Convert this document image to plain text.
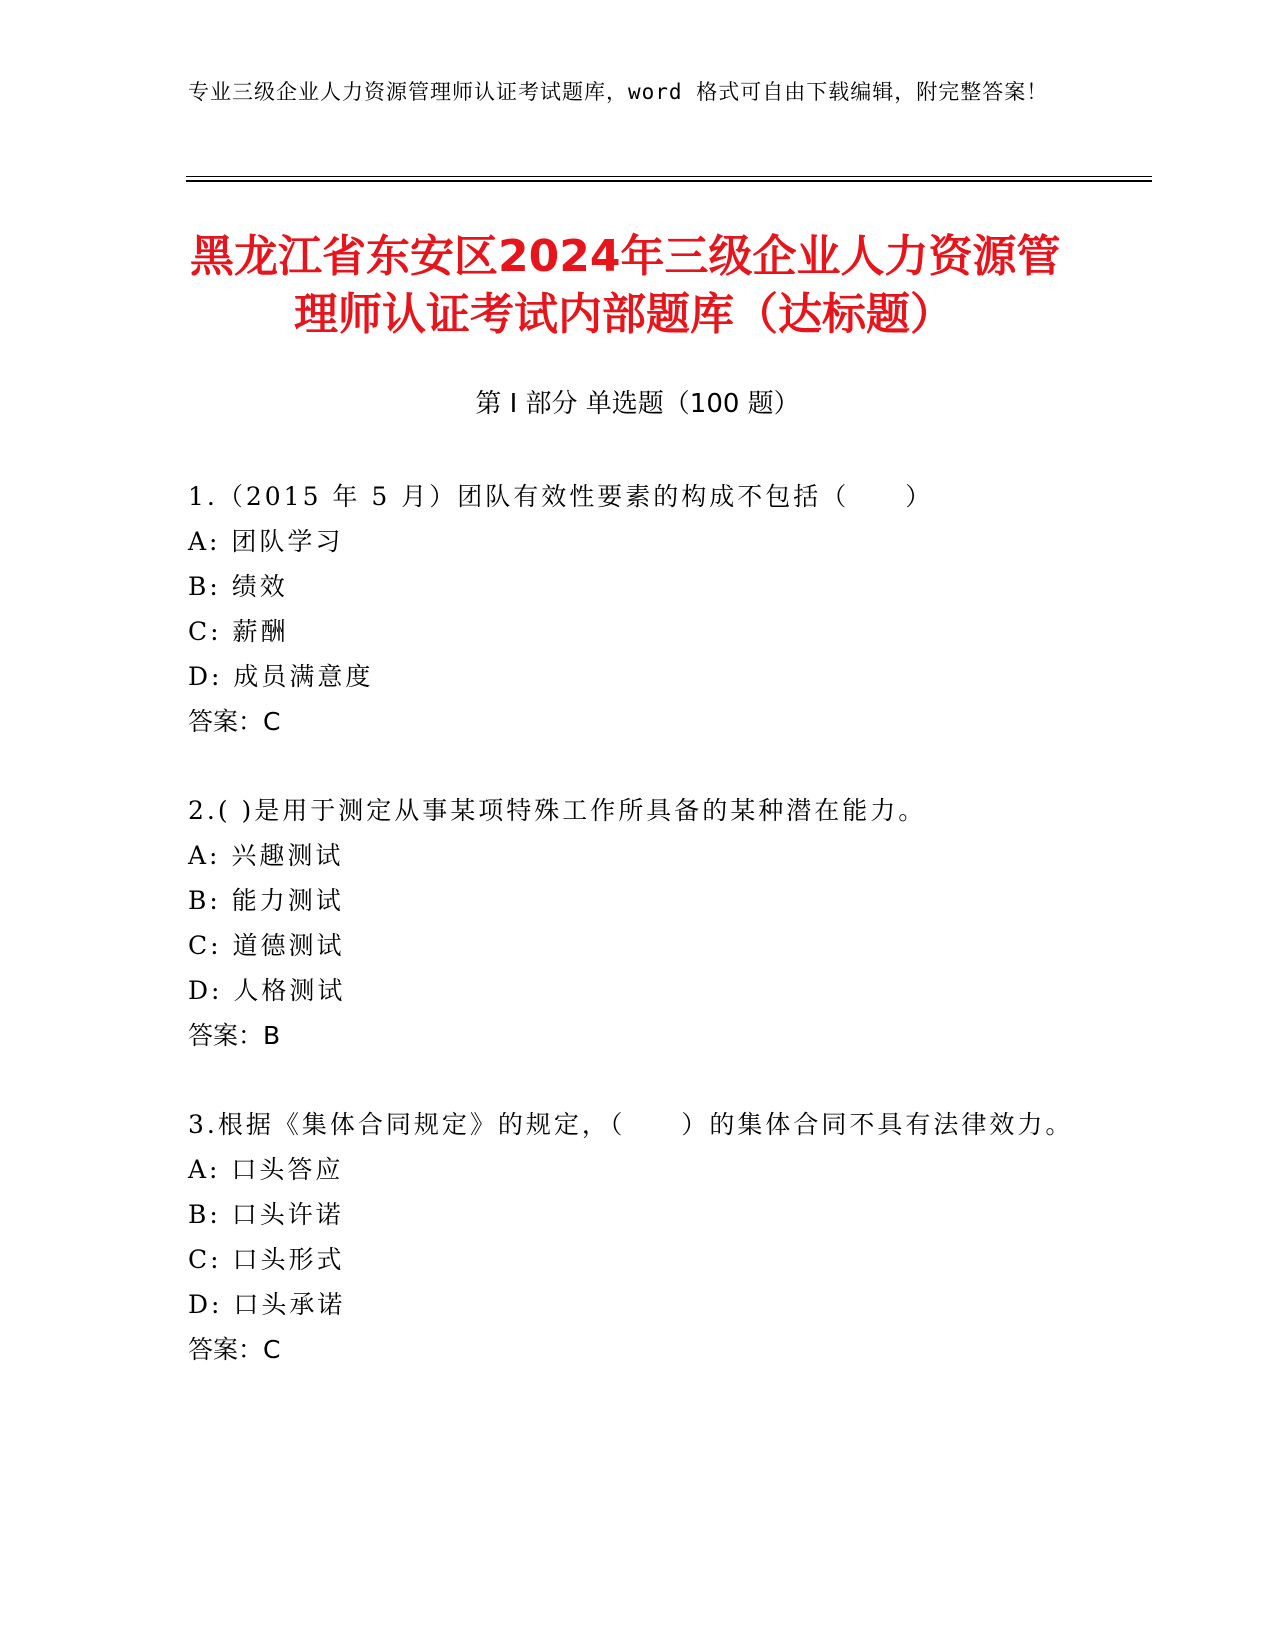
专业三级企业人力资源管理师认证考试题库，word 格式可自由下载编辑，附完整答案！
黑龙江省东安区2024年三级企业人力资源管
理师认证考试内部题库（达标题）
第 I 部分 单选题（100 题）
1.（2015 年 5 月）团队有效性要素的构成不包括（　　）
A: 团队学习
B: 绩效
C: 薪酬
D: 成员满意度
答案：C
2.( )是用于测定从事某项特殊工作所具备的某种潜在能力。
A: 兴趣测试
B: 能力测试
C: 道德测试
D: 人格测试
答案：B
3.根据《集体合同规定》的规定，（　　）的集体合同不具有法律效力。
A: 口头答应
B: 口头许诺
C: 口头形式
D: 口头承诺
答案：C
